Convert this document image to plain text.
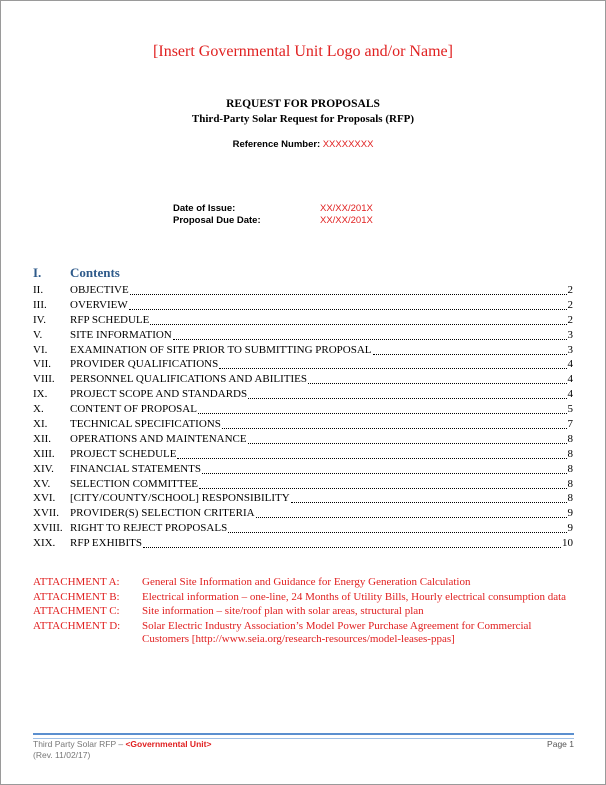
[Insert Governmental Unit Logo and/or Name]
REQUEST FOR PROPOSALS
Third-Party Solar Request for Proposals (RFP)
Reference Number: XXXXXXXX
Date of Issue:	XX/XX/201X
Proposal Due Date:	XX/XX/201X
I. Contents
II.	OBJECTIVE	2
III.	OVERVIEW	2
IV.	RFP SCHEDULE	2
V.	SITE INFORMATION	3
VI.	EXAMINATION OF SITE PRIOR TO SUBMITTING PROPOSAL	3
VII.	PROVIDER QUALIFICATIONS	4
VIII.	PERSONNEL QUALIFICATIONS AND ABILITIES	4
IX.	PROJECT SCOPE AND STANDARDS	4
X.	CONTENT OF PROPOSAL	5
XI.	TECHNICAL SPECIFICATIONS	7
XII.	OPERATIONS AND MAINTENANCE	8
XIII.	PROJECT SCHEDULE	8
XIV.	FINANCIAL STATEMENTS	8
XV.	SELECTION COMMITTEE	8
XVI.	[CITY/COUNTY/SCHOOL] RESPONSIBILITY	8
XVII.	PROVIDER(S) SELECTION CRITERIA	9
XVIII. RIGHT TO REJECT PROPOSALS	9
XIX.	RFP EXHIBITS	10
ATTACHMENT A:	General Site Information and Guidance for Energy Generation Calculation
ATTACHMENT B:	Electrical information – one-line, 24 Months of Utility Bills, Hourly electrical consumption data
ATTACHMENT C:	Site information – site/roof plan with solar areas, structural plan
ATTACHMENT D:	Solar Electric Industry Association’s Model Power Purchase Agreement for Commercial Customers [http://www.seia.org/research-resources/model-leases-ppas]
Third Party Solar RFP – <Governmental Unit>
(Rev. 11/02/17)
Page 1
